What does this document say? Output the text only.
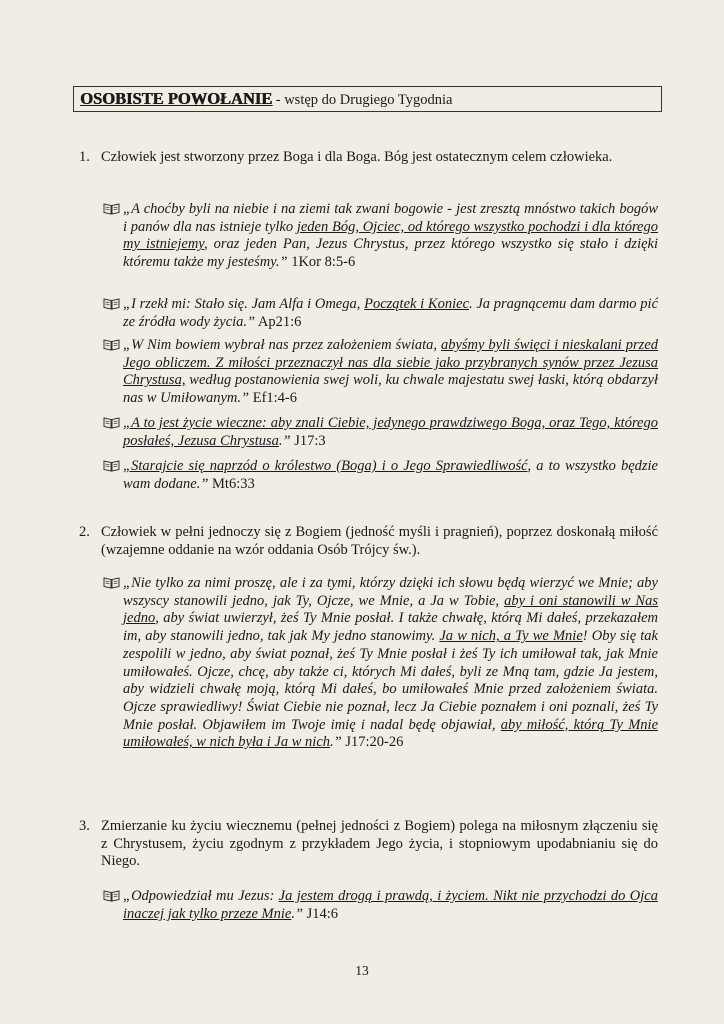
OSOBISTE POWOŁANIE - wstęp do Drugiego Tygodnia
1. Człowiek jest stworzony przez Boga i dla Boga. Bóg jest ostatecznym celem człowieka.
„A choćby byli na niebie i na ziemi tak zwani bogowie - jest zresztą mnóstwo takich bogów i panów dla nas istnieje tylko jeden Bóg, Ojciec, od którego wszystko pochodzi i dla którego my istniejemy, oraz jeden Pan, Jezus Chrystus, przez którego wszystko się stało i dzięki któremu także my jesteśmy.” 1Kor 8:5-6
„I rzekł mi: Stało się. Jam Alfa i Omega, Początek i Koniec. Ja pragnącemu dam darmo pić ze źródła wody życia.” Ap21:6
„W Nim bowiem wybrał nas przez założeniem świata, abyśmy byli święci i nieskalani przed Jego obliczem. Z miłości przeznaczył nas dla siebie jako przybranych synów przez Jezusa Chrystusa, według postanowienia swej woli, ku chwale majestatu swej łaski, którą obdarzył nas w Umiłowanym.” Ef1:4-6
„A to jest życie wieczne: aby znali Ciebie, jedynego prawdziwego Boga, oraz Tego, którego posłałeś, Jezusa Chrystusa.” J17:3
„Starajcie się naprzód o królestwo (Boga) i o Jego Sprawiedliwość, a to wszystko będzie wam dodane.” Mt6:33
2. Człowiek w pełni jednoczy się z Bogiem (jedność myśli i pragnień), poprzez doskonałą miłość (wzajemne oddanie na wzór oddania Osób Trójcy św.).
„Nie tylko za nimi proszę, ale i za tymi, którzy dzięki ich słowu będą wierzyć we Mnie; aby wszyscy stanowili jedno, jak Ty, Ojcze, we Mnie, a Ja w Tobie, aby i oni stanowili w Nas jedno, aby świat uwierzył, żeś Ty Mnie posłał. I także chwałę, którą Mi dałeś, przekazałem im, aby stanowili jedno, tak jak My jedno stanowimy. Ja w nich, a Ty we Mnie! Oby się tak zespolili w jedno, aby świat poznał, żeś Ty Mnie posłał i żeś Ty ich umiłował tak, jak Mnie umiłowałeś. Ojcze, chcę, aby także ci, których Mi dałeś, byli ze Mną tam, gdzie Ja jestem, aby widzieli chwałę moją, którą Mi dałeś, bo umiłowałeś Mnie przed założeniem świata. Ojcze sprawiedliwy! Świat Ciebie nie poznał, lecz Ja Ciebie poznałem i oni poznali, żeś Ty Mnie posłał. Objawiłem im Twoje imię i nadal będę objawiał, aby miłość, którą Ty Mnie umiłowałeś, w nich była i Ja w nich.” J17:20-26
3. Zmierzanie ku życiu wiecznemu (pełnej jedności z Bogiem) polega na miłosnym złączeniu się z Chrystusem, życiu zgodnym z przykładem Jego życia, i stopniowym upodabnianiu się do Niego.
„Odpowiedział mu Jezus: Ja jestem drogą i prawdą, i życiem. Nikt nie przychodzi do Ojca inaczej jak tylko przeze Mnie.” J14:6
13
